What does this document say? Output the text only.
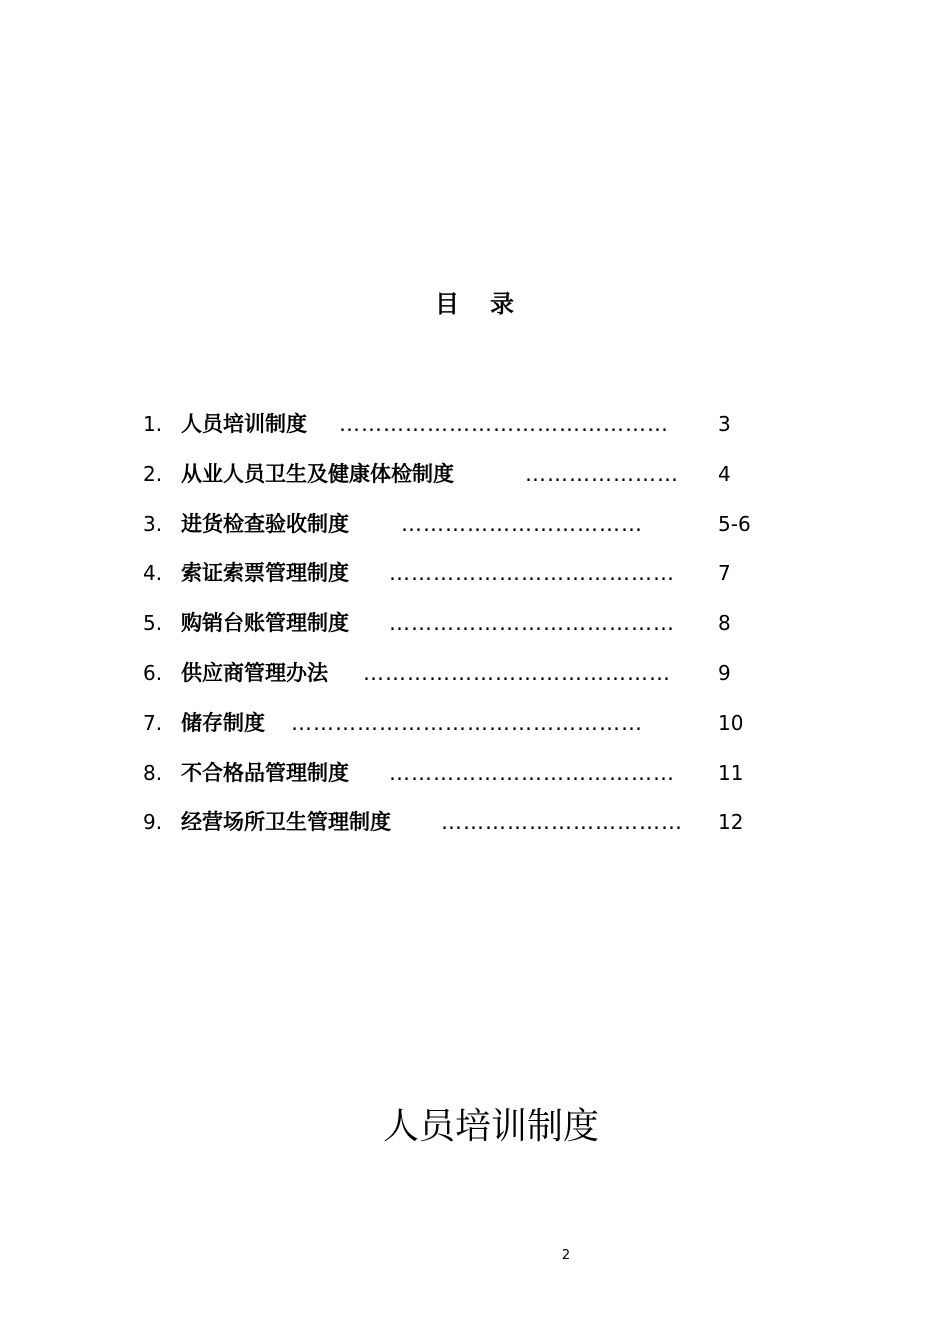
目 录
1. 人员培训制度 ………………………………………	3
2. 从业人员卫生及健康体检制度	…………………	4
3. 进货检查验收制度 ……………………………	5-6
4. 索证索票管理制度 …………………………………	7
5. 购销台账管理制度 …………………………………	8
6. 供应商管理办法 ……………………………………	9
7. 储存制度 …………………………………………	10
8. 不合格品管理制度 …………………………………	11
9. 经营场所卫生管理制度 ……………………………	12
人员培训制度
2
